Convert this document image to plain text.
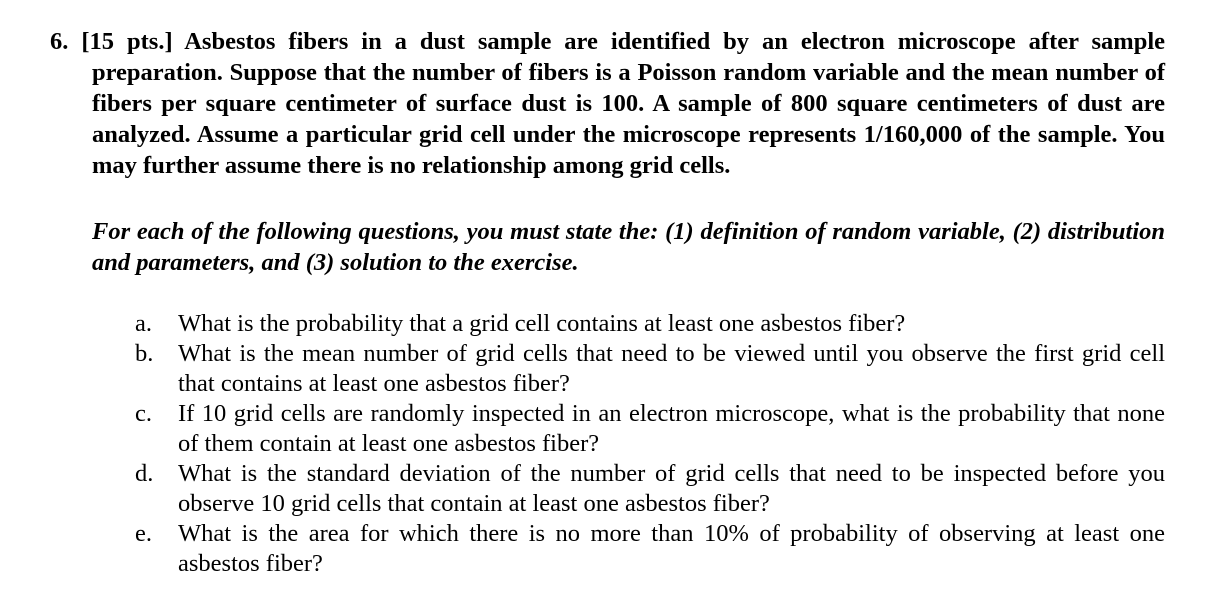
6. [15 pts.] Asbestos fibers in a dust sample are identified by an electron microscope after sample preparation. Suppose that the number of fibers is a Poisson random variable and the mean number of fibers per square centimeter of surface dust is 100. A sample of 800 square centimeters of dust are analyzed. Assume a particular grid cell under the microscope represents 1/160,000 of the sample. You may further assume there is no relationship among grid cells.

For each of the following questions, you must state the: (1) definition of random variable, (2) distribution and parameters, and (3) solution to the exercise.

a.	What is the probability that a grid cell contains at least one asbestos fiber?
b.	What is the mean number of grid cells that need to be viewed until you observe the first grid cell that contains at least one asbestos fiber?
c.	If 10 grid cells are randomly inspected in an electron microscope, what is the probability that none of them contain at least one asbestos fiber?
d.	What is the standard deviation of the number of grid cells that need to be inspected before you observe 10 grid cells that contain at least one asbestos fiber?
e.	What is the area for which there is no more than 10% of probability of observing at least one asbestos fiber?
